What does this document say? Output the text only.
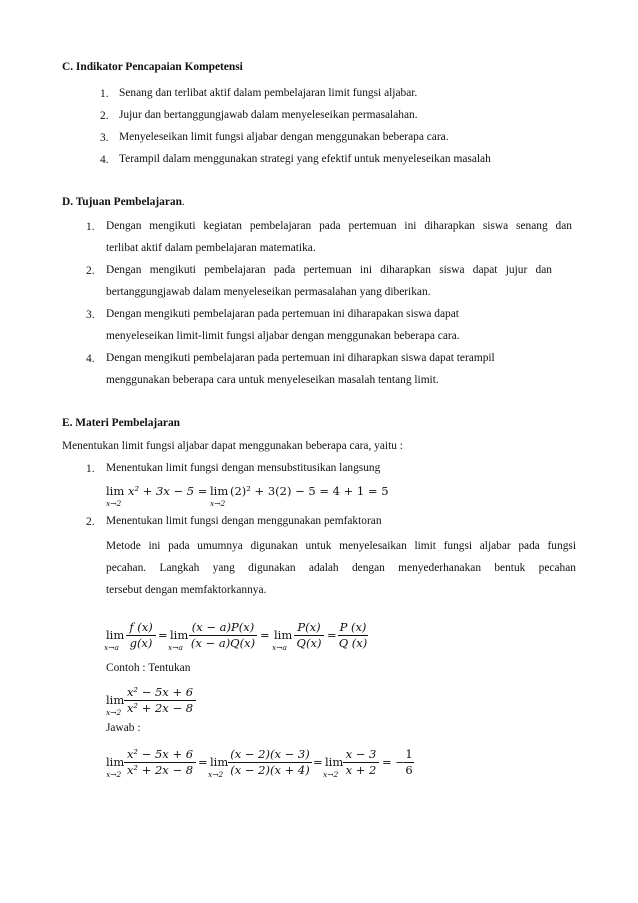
C. Indikator Pencapaian Kompetensi
1. Senang dan terlibat aktif dalam pembelajaran limit fungsi aljabar.
2. Jujur dan bertanggungjawab dalam menyeleseikan permasalahan.
3. Menyeleseikan limit fungsi aljabar dengan menggunakan beberapa cara.
4. Terampil dalam menggunakan strategi yang efektif untuk menyeleseikan masalah
D. Tujuan Pembelajaran.
1. Dengan mengikuti kegiatan pembelajaran pada pertemuan ini diharapkan siswa senang dan
terlibat aktif dalam pembelajaran matematika.
2. Dengan mengikuti pembelajaran pada pertemuan ini diharapkan siswa dapat jujur dan
bertanggungjawab dalam menyeleseikan permasalahan yang diberikan.
3. Dengan mengikuti pembelajaran pada pertemuan ini diharapakan siswa dapat
menyeleseikan limit-limit fungsi aljabar dengan menggunakan beberapa cara.
4. Dengan mengikuti pembelajaran pada pertemuan ini diharapkan siswa dapat terampil
menggunakan beberapa cara untuk menyeleseikan masalah tentang limit.
E. Materi Pembelajaran
Menentukan limit fungsi aljabar dapat menggunakan beberapa cara, yaitu :
1. Menentukan limit fungsi dengan mensubstitusikan langsung
lim
x→2
x² + 3x − 5 = lim
x→2
(2)² + 3(2) − 5 = 4 + 1 = 5
2. Menentukan limit fungsi dengan menggunakan pemfaktoran
Metode ini pada umumnya digunakan untuk menyelesaikan limit fungsi aljabar pada fungsi
pecahan. Langkah yang digunakan adalah dengan menyederhanakan bentuk pecahan
tersebut dengan memfaktorkannya.
lim
x→a
f (x)
g(x)
= lim
x→a
(x − a)P(x)
(x − a)Q(x)
= lim
x→a
P(x)
Q(x)
=
P (x)
Q (x)
Contoh : Tentukan
lim
x→2
x² − 5x + 6
x² + 2x − 8
Jawab :
lim
x→2
x² − 5x + 6
x² + 2x − 8
= lim
x→2
(x − 2)(x − 3)
(x − 2)(x + 4)
= lim
x→2
x − 3
x + 2
= −
1
6
